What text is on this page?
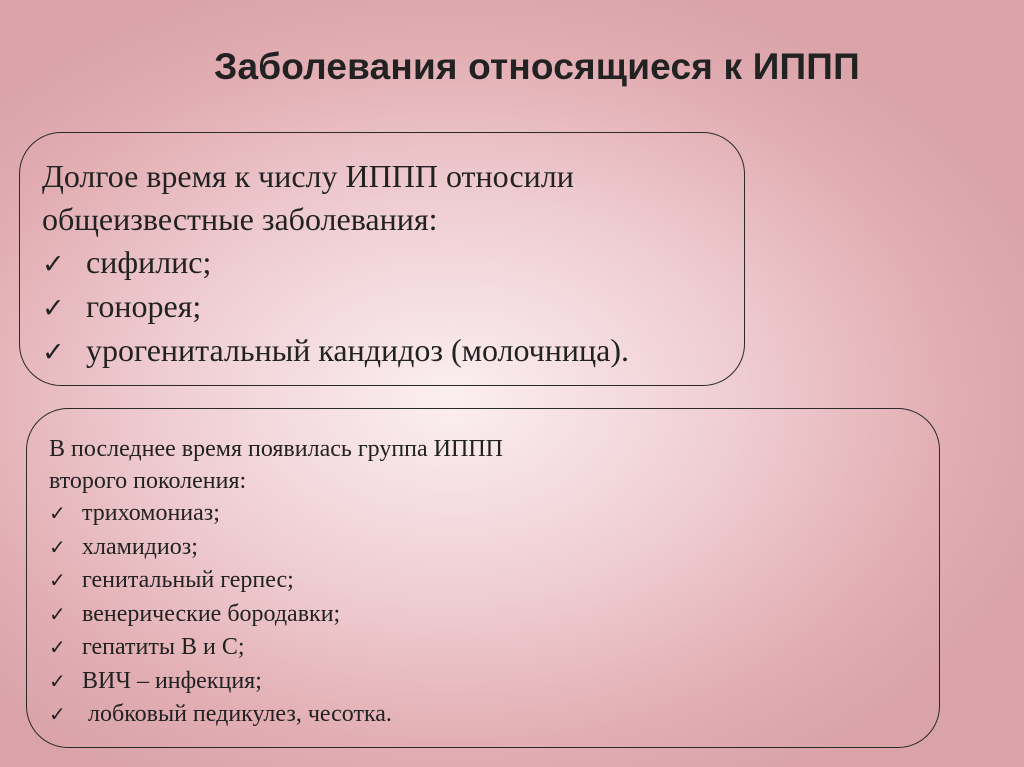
Заболевания относящиеся к ИППП

Долгое время к числу ИППП относили
общеизвестные заболевания:

✓ сифилис;
✓ гонорея;
✓ урогенитальный кандидоз (молочница).

В последнее время появилась группа ИППП
второго поколения:

✓ трихомониаз;
✓ хламидиоз;
✓ генитальный герпес;
✓ венерические бородавки;
✓ гепатиты В и С;
✓ ВИЧ – инфекция;
✓ лобковый педикулез, чесотка.
